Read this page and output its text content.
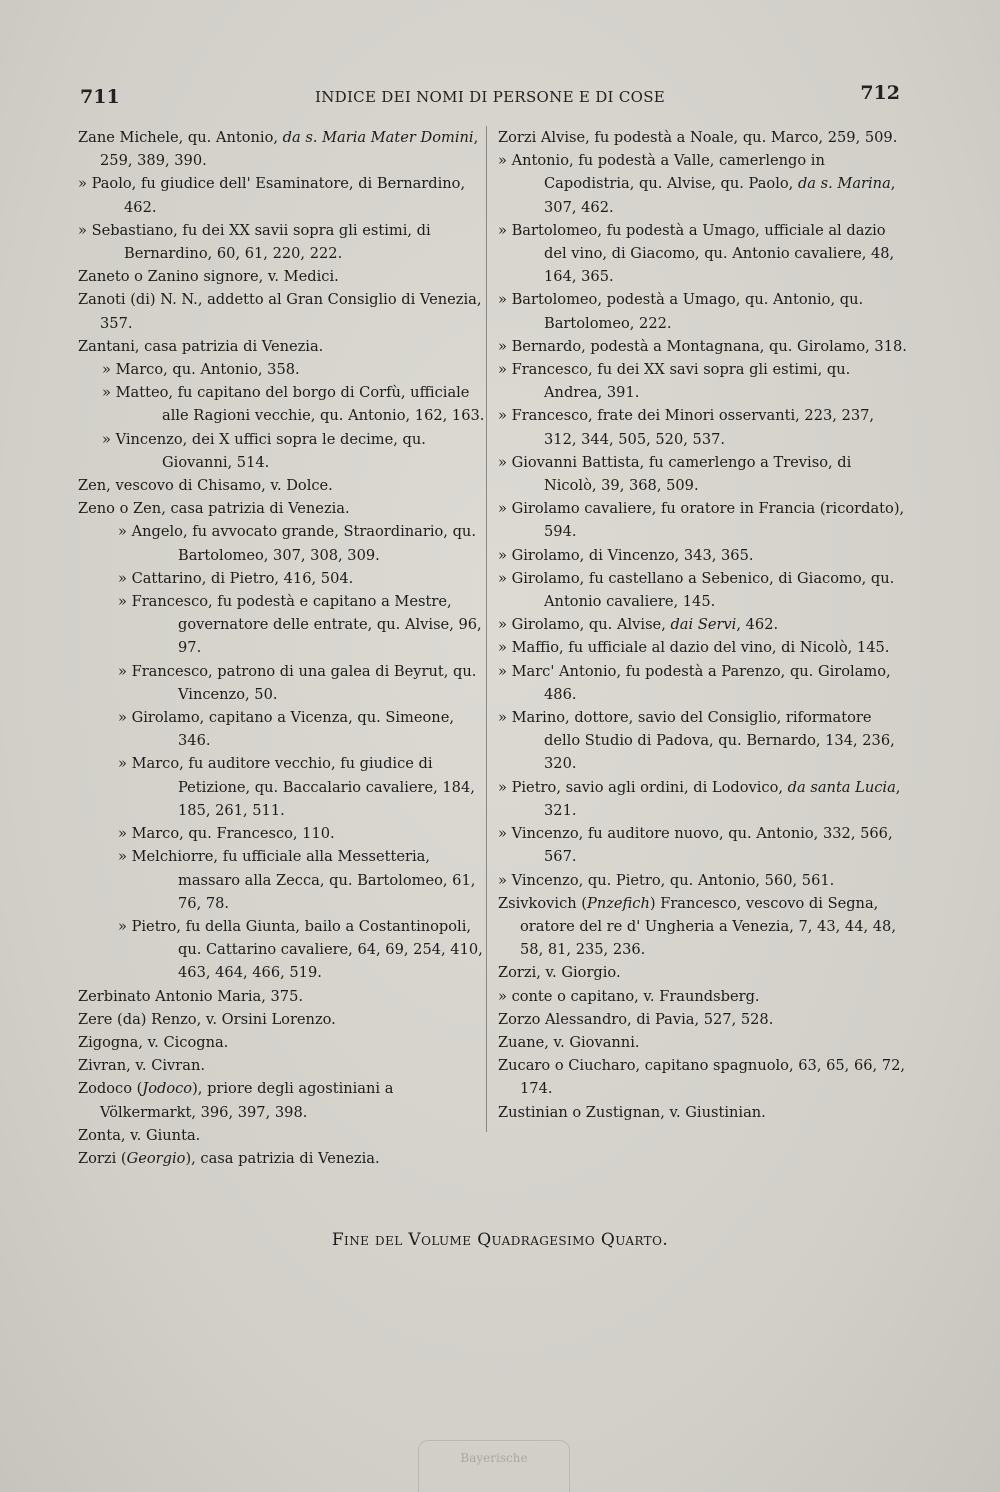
711	INDICE DEI NOMI DI PERSONE E DI COSE	712

Zane Michele, qu. Antonio, da s. Maria Mater Domini, 259, 389, 390.

» Paolo, fu giudice dell' Esaminatore, di Bernardino, 462.

» Sebastiano, fu dei XX savii sopra gli estimi, di Bernardino, 60, 61, 220, 222.

Zaneto o Zanino signore, v. Medici.

Zanoti (di) N. N., addetto al Gran Consiglio di Venezia, 357.

Zantani, casa patrizia di Venezia.

» Marco, qu. Antonio, 358.

» Matteo, fu capitano del borgo di Corfù, ufficiale alle Ragioni vecchie, qu. Antonio, 162, 163.

» Vincenzo, dei X uffici sopra le decime, qu. Giovanni, 514.

Zen, vescovo di Chisamo, v. Dolce.

Zeno o Zen, casa patrizia di Venezia.

» Angelo, fu avvocato grande, Straordinario, qu. Bartolomeo, 307, 308, 309.

» Cattarino, di Pietro, 416, 504.

» Francesco, fu podestà e capitano a Mestre, governatore delle entrate, qu. Alvise, 96, 97.

» Francesco, patrono di una galea di Beyrut, qu. Vincenzo, 50.

» Girolamo, capitano a Vicenza, qu. Simeone, 346.

» Marco, fu auditore vecchio, fu giudice di Petizione, qu. Baccalario cavaliere, 184, 185, 261, 511.

» Marco, qu. Francesco, 110.

» Melchiorre, fu ufficiale alla Messetteria, massaro alla Zecca, qu. Bartolomeo, 61, 76, 78.

» Pietro, fu della Giunta, bailo a Costantinopoli, qu. Cattarino cavaliere, 64, 69, 254, 410, 463, 464, 466, 519.

Zerbinato Antonio Maria, 375.

Zere (da) Renzo, v. Orsini Lorenzo.

Zigogna, v. Cicogna.

Zivran, v. Civran.

Zodoco (Jodoco), priore degli agostiniani a Völkermarkt, 396, 397, 398.

Zonta, v. Giunta.

Zorzi (Georgio), casa patrizia di Venezia.

Zorzi Alvise, fu podestà a Noale, qu. Marco, 259, 509.

» Antonio, fu podestà a Valle, camerlengo in Capodistria, qu. Alvise, qu. Paolo, da s. Marina, 307, 462.

» Bartolomeo, fu podestà a Umago, ufficiale al dazio del vino, di Giacomo, qu. Antonio cavaliere, 48, 164, 365.

» Bartolomeo, podestà a Umago, qu. Antonio, qu. Bartolomeo, 222.

» Bernardo, podestà a Montagnana, qu. Girolamo, 318.

» Francesco, fu dei XX savi sopra gli estimi, qu. Andrea, 391.

» Francesco, frate dei Minori osservanti, 223, 237, 312, 344, 505, 520, 537.

» Giovanni Battista, fu camerlengo a Treviso, di Nicolò, 39, 368, 509.

» Girolamo cavaliere, fu oratore in Francia (ricordato), 594.

» Girolamo, di Vincenzo, 343, 365.

» Girolamo, fu castellano a Sebenico, di Giacomo, qu. Antonio cavaliere, 145.

» Girolamo, qu. Alvise, dai Servi, 462.

» Maffio, fu ufficiale al dazio del vino, di Nicolò, 145.

» Marc' Antonio, fu podestà a Parenzo, qu. Girolamo, 486.

» Marino, dottore, savio del Consiglio, riformatore dello Studio di Padova, qu. Bernardo, 134, 236, 320.

» Pietro, savio agli ordini, di Lodovico, da santa Lucia, 321.

» Vincenzo, fu auditore nuovo, qu. Antonio, 332, 566, 567.

» Vincenzo, qu. Pietro, qu. Antonio, 560, 561.

Zsivkovich (Pnzefich) Francesco, vescovo di Segna, oratore del re d' Ungheria a Venezia, 7, 43, 44, 48, 58, 81, 235, 236.

Zorzi, v. Giorgio.

» conte o capitano, v. Fraundsberg.

Zorzo Alessandro, di Pavia, 527, 528.

Zuane, v. Giovanni.

Zucaro o Ciucharo, capitano spagnuolo, 63, 65, 66, 72, 174.

Zustinian o Zustignan, v. Giustinian.

Fine del Volume Quadragesimo Quarto.
Bayerische
